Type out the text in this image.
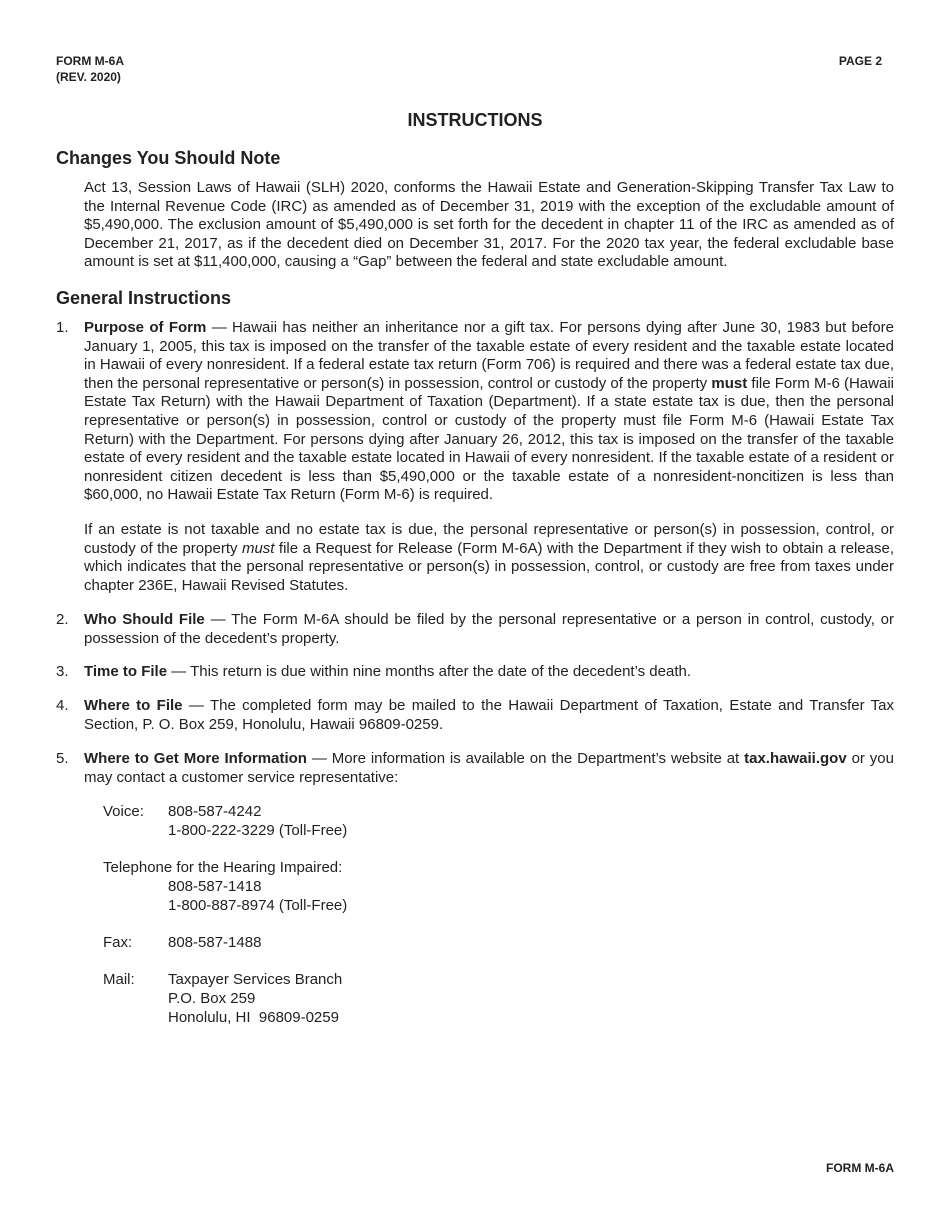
FORM M-6A
(REV. 2020)
PAGE 2
INSTRUCTIONS
Changes You Should Note
Act 13, Session Laws of Hawaii (SLH) 2020, conforms the Hawaii Estate and Generation-Skipping Transfer Tax Law to the Internal Revenue Code (IRC) as amended as of December 31, 2019 with the exception of the excludable amount of $5,490,000. The exclusion amount of $5,490,000 is set forth for the decedent in chapter 11 of the IRC as amended as of December 21, 2017, as if the decedent died on December 31, 2017. For the 2020 tax year, the federal excludable base amount is set at $11,400,000, causing a “Gap” between the federal and state excludable amount.
General Instructions
1. Purpose of Form — Hawaii has neither an inheritance nor a gift tax. For persons dying after June 30, 1983 but before January 1, 2005, this tax is imposed on the transfer of the taxable estate of every resident and the taxable estate located in Hawaii of every nonresident. If a federal estate tax return (Form 706) is required and there was a federal estate tax due, then the personal representative or person(s) in possession, control or custody of the property must file Form M-6 (Hawaii Estate Tax Return) with the Hawaii Department of Taxation (Department). If a state estate tax is due, then the personal representative or person(s) in possession, control or custody of the property must file Form M-6 (Hawaii Estate Tax Return) with the Department. For persons dying after January 26, 2012, this tax is imposed on the transfer of the taxable estate of every resident and the taxable estate located in Hawaii of every nonresident. If the taxable estate of a resident or nonresident citizen decedent is less than $5,490,000 or the taxable estate of a nonresident-noncitizen is less than $60,000, no Hawaii Estate Tax Return (Form M-6) is required.

If an estate is not taxable and no estate tax is due, the personal representative or person(s) in possession, control, or custody of the property must file a Request for Release (Form M-6A) with the Department if they wish to obtain a release, which indicates that the personal representative or person(s) in possession, control, or custody are free from taxes under chapter 236E, Hawaii Revised Statutes.

2. Who Should File — The Form M-6A should be filed by the personal representative or a person in control, custody, or possession of the decedent’s property.

3. Time to File — This return is due within nine months after the date of the decedent’s death.

4. Where to File — The completed form may be mailed to the Hawaii Department of Taxation, Estate and Transfer Tax Section, P. O. Box 259, Honolulu, Hawaii 96809-0259.

5. Where to Get More Information — More information is available on the Department’s website at tax.hawaii.gov or you may contact a customer service representative:

Voice: 808-587-4242
1-800-222-3229 (Toll-Free)
Telephone for the Hearing Impaired:
808-587-1418
1-800-887-8974 (Toll-Free)
Fax: 808-587-1488
Mail: Taxpayer Services Branch
P.O. Box 259
Honolulu, HI  96809-0259
FORM M-6A
